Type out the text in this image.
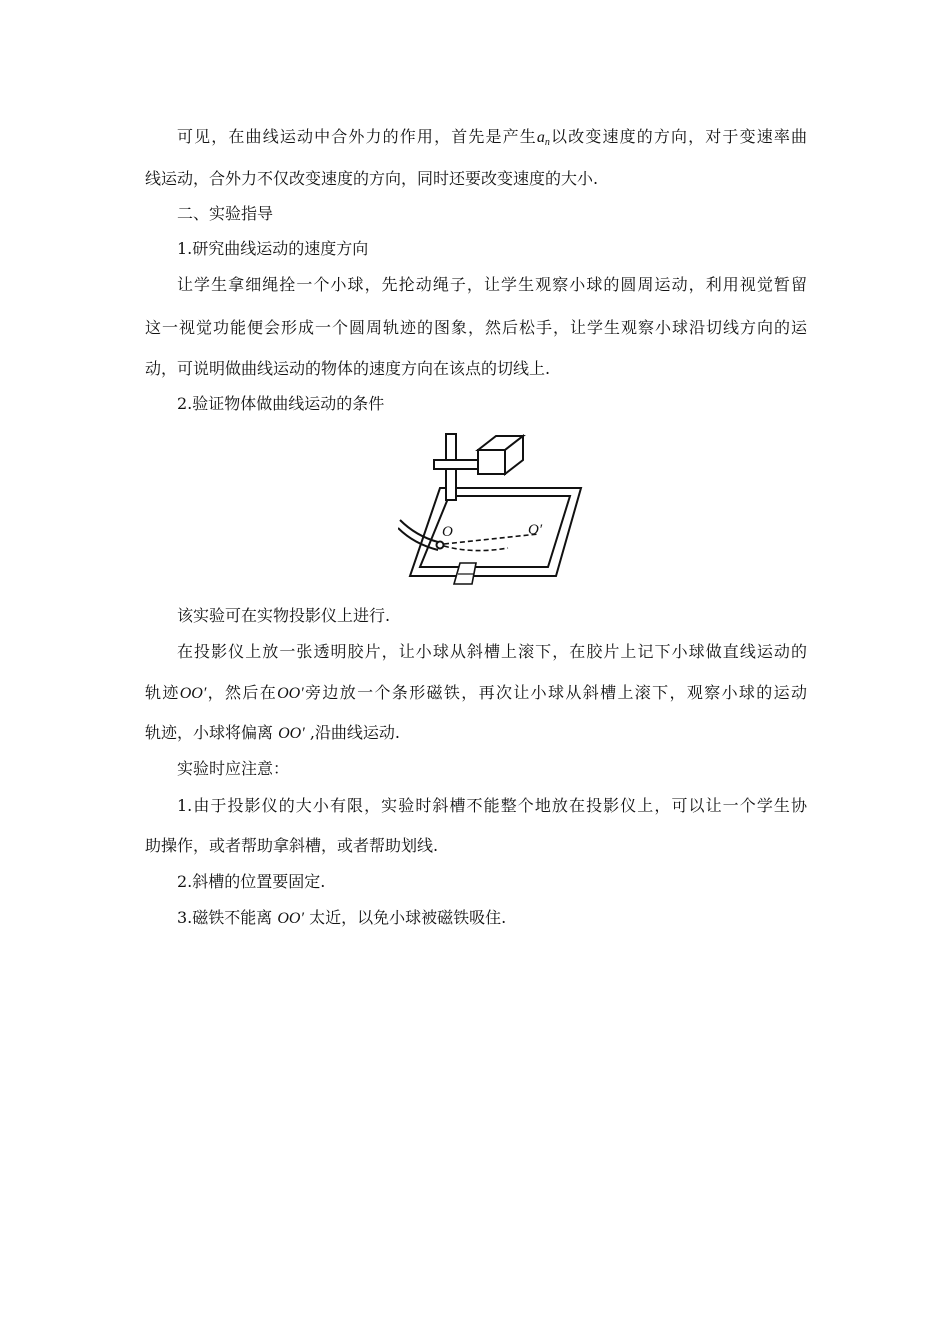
可见，在曲线运动中合外力的作用，首先是产生$a_n$以改变速度的方向，对于变速率曲
线运动，合外力不仅改变速度的方向，同时还要改变速度的大小.
二、实验指导
1.研究曲线运动的速度方向
让学生拿细绳拴一个小球，先抡动绳子，让学生观察小球的圆周运动，利用视觉暂留
这一视觉功能便会形成一个圆周轨迹的图象，然后松手，让学生观察小球沿切线方向的运
动，可说明做曲线运动的物体的速度方向在该点的切线上.
2.验证物体做曲线运动的条件
O	O′
该实验可在实物投影仪上进行.
在投影仪上放一张透明胶片，让小球从斜槽上滚下，在胶片上记下小球做直线运动的
轨迹OO′，然后在OO′旁边放一个条形磁铁，再次让小球从斜槽上滚下，观察小球的运动
轨迹，小球将偏离 OO′ ,沿曲线运动.
实验时应注意：
1.由于投影仪的大小有限，实验时斜槽不能整个地放在投影仪上，可以让一个学生协
助操作，或者帮助拿斜槽，或者帮助划线.
2.斜槽的位置要固定.
3.磁铁不能离 OO′ 太近，以免小球被磁铁吸住.
